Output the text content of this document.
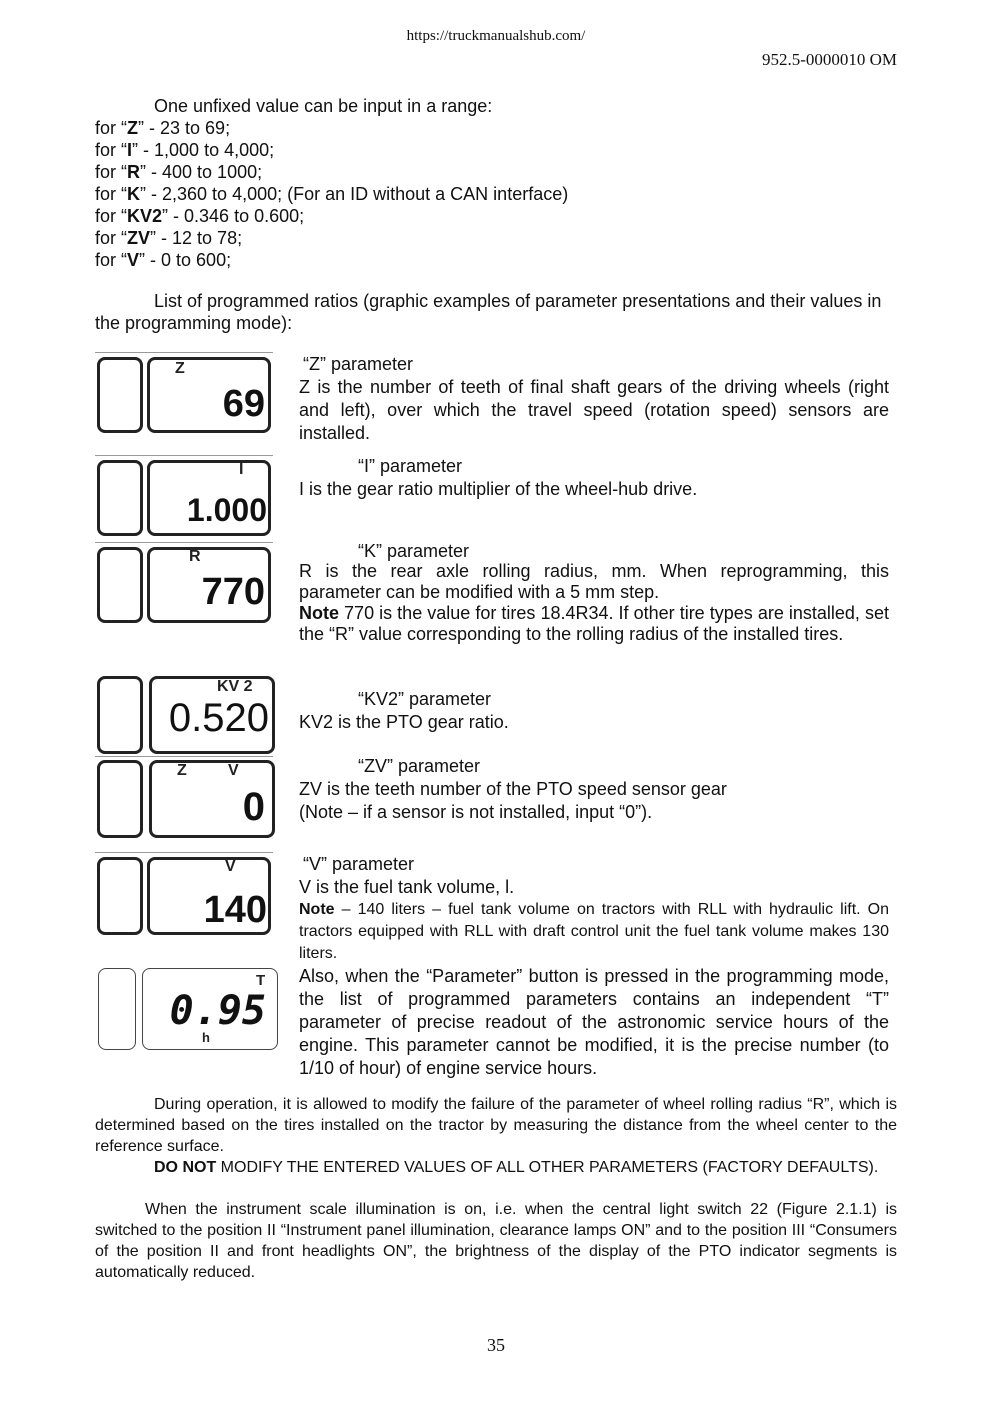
https://truckmanualshub.com/
952.5-0000010 OM
One unfixed value can be input in a range:
for “Z” - 23 to 69;
for “I” - 1,000 to 4,000;
for “R” - 400 to 1000;
for “K” - 2,360 to 4,000; (For an ID without a CAN interface)
for “KV2” - 0.346 to 0.600;
for “ZV” - 12 to 78;
for “V” - 0 to 600;
List of programmed ratios (graphic examples of parameter presentations and their values in the programming mode):
Z
69
I
1.000
R
770
KV 2
0.520
Z	V
0
V
140
T
0.95
h
“Z” parameter
Z is the number of teeth of final shaft gears of the driving wheels (right and left), over which the travel speed (rotation speed) sensors are installed.
“I” parameter
I is the gear ratio multiplier of the wheel-hub drive.
“K” parameter
R is the rear axle rolling radius, mm. When reprogramming, this parameter can be modified with a 5 mm step.
Note 770 is the value for tires 18.4R34. If other tire types are installed, set the “R” value corresponding to the rolling radius of the installed tires.
“KV2” parameter
KV2 is the PTO gear ratio.
“ZV” parameter
ZV is the teeth number of the PTO speed sensor gear
(Note – if a sensor is not installed, input “0”).
“V” parameter
V is the fuel tank volume, l.
Note – 140 liters – fuel tank volume on tractors with RLL with hydraulic lift. On tractors equipped with RLL with draft control unit the fuel tank volume makes 130 liters.
Also, when the “Parameter” button is pressed in the programming mode, the list of programmed parameters contains an independent “T” parameter of precise readout of the astronomic service hours of the engine. This parameter cannot be modified, it is the precise number (to 1/10 of hour) of engine service hours.
During operation, it is allowed to modify the failure of the parameter of wheel rolling radius “R”, which is determined based on the tires installed on the tractor by measuring the distance from the wheel center to the reference surface.
DO NOT MODIFY THE ENTERED VALUES OF ALL OTHER PARAMETERS (FACTORY DEFAULTS).
When the instrument scale illumination is on, i.e. when the central light switch 22 (Figure 2.1.1) is switched to the position II “Instrument panel illumination, clearance lamps ON” and to the position III “Consumers of the position II and front headlights ON”, the brightness of the display of the PTO indicator segments is automatically reduced.
35
